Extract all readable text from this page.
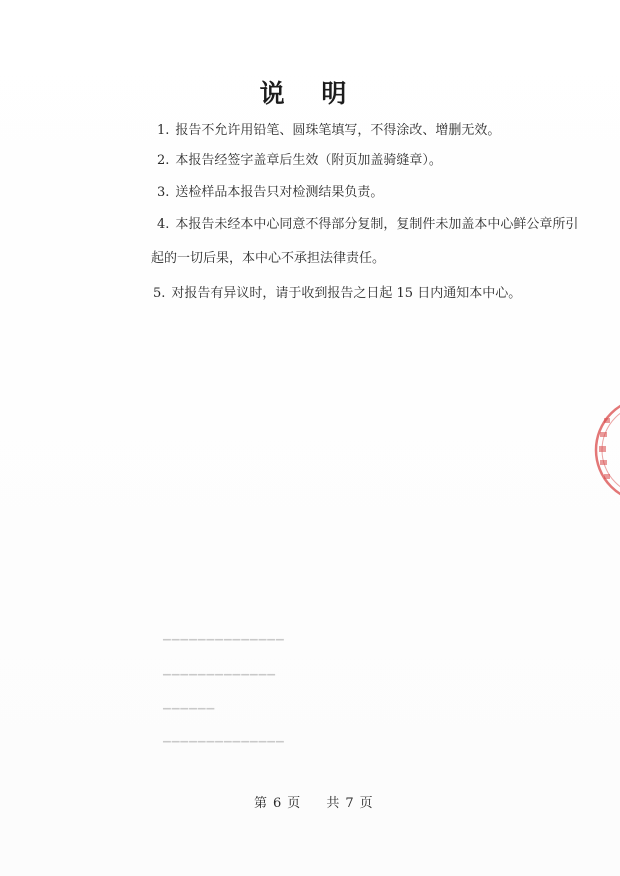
说 明
1. 报告不允许用铅笔、圆珠笔填写，不得涂改、增删无效。
2. 本报告经签字盖章后生效（附页加盖骑缝章）。
3. 送检样品本报告只对检测结果负责。
4. 本报告未经本中心同意不得部分复制，复制件未加盖本中心鲜公章所引
起的一切后果，本中心不承担法律责任。
5. 对报告有异议时，请于收到报告之日起 15 日内通知本中心。
▁▁▁▁▁▁▁▁▁▁▁▁▁▁
▁▁▁▁▁▁▁▁▁▁▁▁▁
▁▁▁▁▁▁
▁▁▁▁▁▁▁▁▁▁▁▁▁▁
第 6 页 共 7 页
